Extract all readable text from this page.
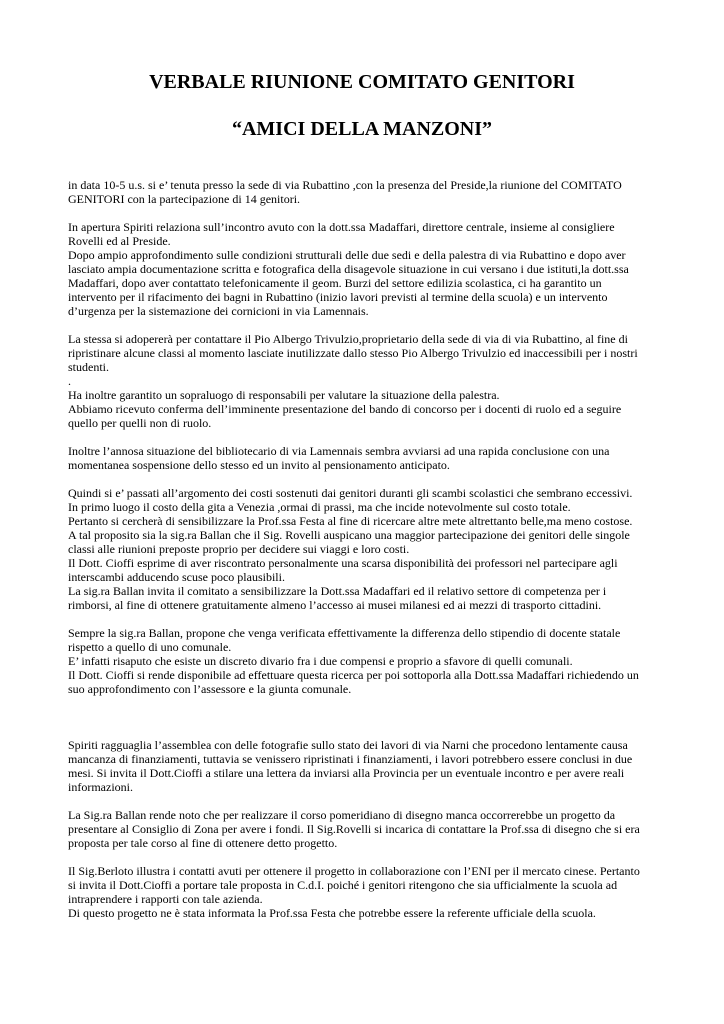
VERBALE RIUNIONE COMITATO GENITORI
“AMICI DELLA MANZONI”
in data 10-5 u.s. si e’ tenuta presso la sede di via Rubattino ,con la presenza del Preside,la riunione del COMITATO
GENITORI con la partecipazione di 14 genitori.
In apertura Spiriti relaziona sull’incontro avuto con la dott.ssa Madaffari, direttore centrale, insieme al consigliere
Rovelli ed al Preside.
Dopo ampio approfondimento sulle condizioni strutturali delle due sedi e della palestra di via Rubattino e dopo aver
lasciato ampia documentazione scritta e fotografica della disagevole situazione in cui versano i due istituti,la dott.ssa
Madaffari, dopo aver contattato telefonicamente il geom. Burzi del settore edilizia scolastica, ci ha garantito un
intervento per il rifacimento dei bagni in Rubattino (inizio lavori previsti al termine della scuola) e un intervento
d’urgenza per la sistemazione dei cornicioni in via Lamennais.
La stessa si adopererà per contattare il Pio Albergo Trivulzio,proprietario della sede di via di via Rubattino, al fine di
ripristinare alcune classi al momento lasciate inutilizzate dallo stesso Pio Albergo Trivulzio ed inaccessibili per i nostri
studenti.
.
Ha inoltre garantito un sopraluogo di responsabili per valutare la situazione della palestra.
Abbiamo ricevuto conferma dell’imminente presentazione del bando di concorso per i docenti di ruolo ed a seguire
quello per quelli non di ruolo.
Inoltre l’annosa situazione del bibliotecario di via Lamennais sembra avviarsi ad una rapida conclusione con una
momentanea sospensione dello stesso ed un invito al pensionamento anticipato.
Quindi si e’ passati all’argomento dei costi sostenuti dai genitori duranti gli scambi scolastici che sembrano eccessivi.
In primo luogo il costo della gita a Venezia ,ormai di prassi, ma che incide notevolmente sul costo totale.
Pertanto si cercherà di sensibilizzare la Prof.ssa Festa al fine di ricercare altre mete altrettanto belle,ma meno costose.
A tal proposito sia la sig.ra Ballan che il Sig. Rovelli auspicano una maggior partecipazione dei genitori delle singole
classi alle riunioni preposte proprio per decidere sui viaggi e loro costi.
Il Dott. Cioffi esprime di aver riscontrato personalmente una scarsa disponibilità dei professori nel partecipare agli
interscambi adducendo scuse poco plausibili.
La sig.ra Ballan invita il comitato a sensibilizzare la Dott.ssa Madaffari ed il relativo settore di competenza per i
rimborsi, al fine di ottenere gratuitamente almeno l’accesso ai musei milanesi ed ai mezzi di trasporto cittadini.
Sempre la sig.ra Ballan, propone che venga verificata effettivamente la differenza dello stipendio di docente statale
rispetto a quello di uno comunale.
E’ infatti risaputo che esiste un discreto divario fra i due compensi e proprio a sfavore di quelli comunali.
Il Dott. Cioffi si rende disponibile ad effettuare questa ricerca per poi sottoporla alla Dott.ssa Madaffari richiedendo un
suo approfondimento con l’assessore e la giunta comunale.
Spiriti ragguaglia l’assemblea con delle fotografie sullo stato dei lavori di via Narni che procedono lentamente causa
mancanza di finanziamenti, tuttavia se venissero ripristinati i finanziamenti, i lavori potrebbero essere conclusi in due
mesi. Si invita il Dott.Cioffi a stilare una lettera da inviarsi alla Provincia per un eventuale incontro e per avere reali
informazioni.
La Sig.ra Ballan rende noto che per realizzare il corso pomeridiano di disegno manca occorrerebbe un progetto da
presentare al Consiglio di Zona per avere i fondi. Il Sig.Rovelli si incarica di contattare la Prof.ssa di disegno che si era
proposta per tale corso al fine di ottenere detto progetto.
Il Sig.Berloto illustra i contatti avuti per ottenere il progetto in collaborazione con l’ENI per il mercato cinese. Pertanto
si invita il Dott.Cioffi a portare tale proposta in C.d.I. poiché i genitori ritengono che sia ufficialmente la scuola ad
intraprendere i rapporti con tale azienda.
Di questo progetto ne è stata informata la Prof.ssa Festa che potrebbe essere la referente ufficiale della scuola.
